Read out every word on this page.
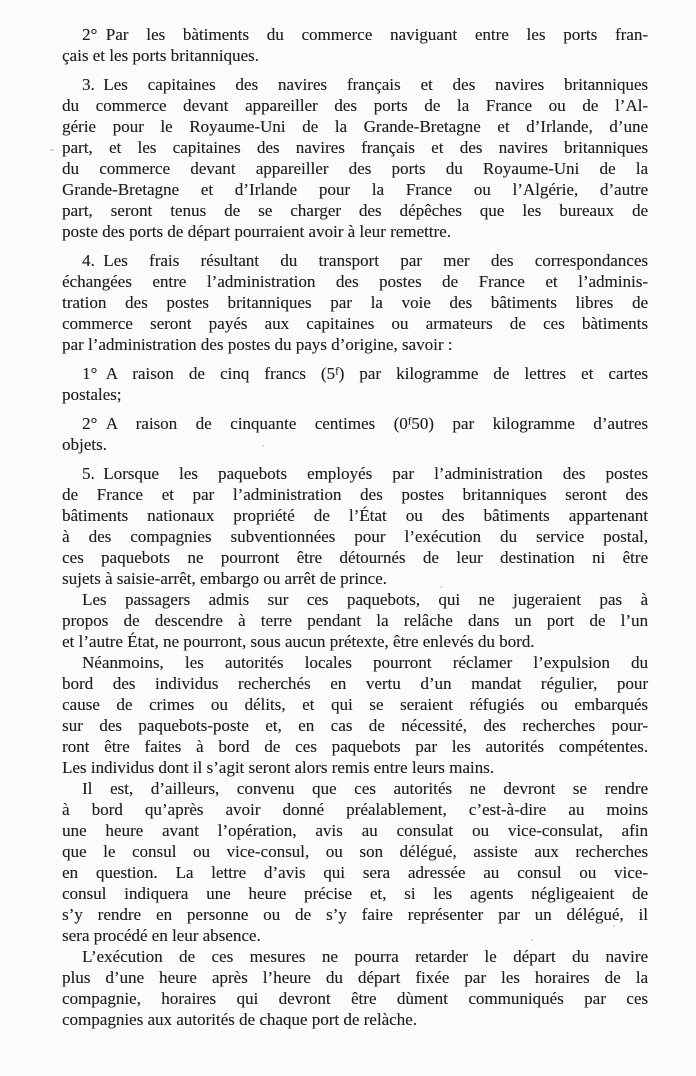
2° Par les bàtiments du commerce naviguant entre les ports fran-
çais et les ports britanniques.
3. Les capitaines des navires français et des navires britanniques
du commerce devant appareiller des ports de la France ou de l’Al-
gérie pour le Royaume-Uni de la Grande-Bretagne et d’Irlande, d’une
part, et les capitaines des navires français et des navires britanniques
du commerce devant appareiller des ports du Royaume-Uni de la
Grande-Bretagne et d’Irlande pour la France ou l’Algérie, d’autre
part, seront tenus de se charger des dépêches que les bureaux de
poste des ports de départ pourraient avoir à leur remettre.
4. Les frais résultant du transport par mer des correspondances
échangées entre l’administration des postes de France et l’adminis-
tration des postes britanniques par la voie des bâtiments libres de
commerce seront payés aux capitaines ou armateurs de ces bàtiments
par l’administration des postes du pays d’origine, savoir :
1° A raison de cinq francs (5$^f$) par kilogramme de lettres et cartes
postales;
2° A raison de cinquante centimes (0$^f$50) par kilogramme d’autres
objets.
5. Lorsque les paquebots employés par l’administration des postes
de France et par l’administration des postes britanniques seront des
bâtiments nationaux propriété de l’État ou des bâtiments appartenant
à des compagnies subventionnées pour l’exécution du service postal,
ces paquebots ne pourront être détournés de leur destination ni être
sujets à saisie-arrêt, embargo ou arrêt de prince.
Les passagers admis sur ces paquebots, qui ne jugeraient pas à
propos de descendre à terre pendant la relâche dans un port de l’un
et l’autre État, ne pourront, sous aucun prétexte, être enlevés du bord.
Néanmoins, les autorités locales pourront réclamer l’expulsion du
bord des individus recherchés en vertu d’un mandat régulier, pour
cause de crimes ou délits, et qui se seraient réfugiés ou embarqués
sur des paquebots-poste et, en cas de nécessité, des recherches pour-
ront être faites à bord de ces paquebots par les autorités compétentes.
Les individus dont il s’agit seront alors remis entre leurs mains.
Il est, d’ailleurs, convenu que ces autorités ne devront se rendre
à bord qu’après avoir donné préalablement, c’est-à-dire au moins
une heure avant l’opération, avis au consulat ou vice-consulat, afin
que le consul ou vice-consul, ou son délégué, assiste aux recherches
en question. La lettre d’avis qui sera adressée au consul ou vice-
consul indiquera une heure précise et, si les agents négligeaient de
s’y rendre en personne ou de s’y faire représenter par un délégué, il
sera procédé en leur absence.
L’exécution de ces mesures ne pourra retarder le départ du navire
plus d’une heure après l’heure du départ fixée par les horaires de la
compagnie, horaires qui devront être dùment communiqués par ces
compagnies aux autorités de chaque port de relàche.
